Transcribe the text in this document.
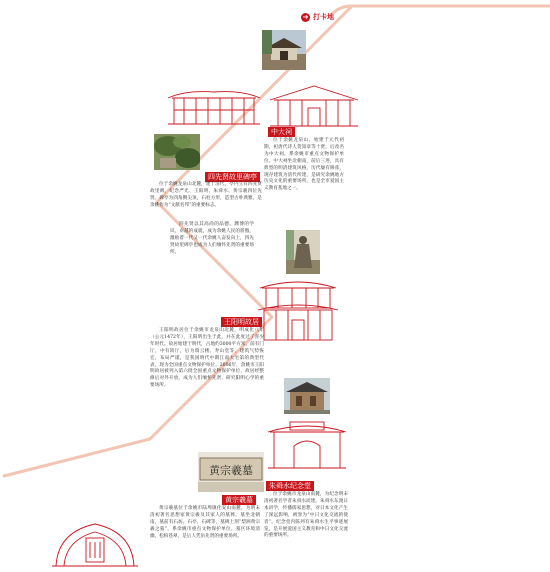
➜ 打卡地
黄宗羲墓
中大祠
位于余姚龙泉山，始建于元代初期，祀唐代诗人贺知章等十贤，后改名为中大祠，系余姚市重点文物保护单位。中大祠坐北朝南，前后三进，具有典型的明清建筑风格，历代屡有修葺，现存建筑为清代所建，是研究余姚地方历史文化的重要场所，也是全市爱国主义教育基地之一。
四先贤故里碑亭
位于余姚龙泉山北麓，建于清代，亭内立有四先贤故里碑，纪念严光、王阳明、朱舜水、黄宗羲四位先贤。碑亭为四角攒尖顶，石柱方形，造型古朴典雅，是余姚作为“文献名邦”的重要标志。
四先贤以其高尚的品德、渊博的学识、卓越的成就，成为余姚人民的骄傲，激励着一代又一代余姚人奋发向上，四先贤故里碑亭也成为人们缅怀先贤的重要场所。
王阳明故居
王阳明故居位于余姚市龙泉山北麓，明成化八年（公元1472年），王阳明出生于此，并在此度过了青少年时代。故居始建于明代，占地约3000平方米，前有门厅，中有轿厅，后为瑞云楼、寿山堂等，建筑气势恢宏，布局严谨，是我国明代中期江南大宅第的典型代表，现为全国重点文物保护单位。2006年，余姚市王阳明故居被列入第六批全国重点文物保护单位，故居经整修后对外开放，成为人们缅怀先贤、研究阳明心学的重要场所。
朱舜水纪念堂
位于余姚市龙泉山南麓，为纪念明末清初著名学者朱舜水而建。朱舜水东渡日本讲学，传播儒家思想，对日本文化产生了深远影响，被誉为“中日文化交流的使者”。纪念堂内陈列有朱舜水生平事迹展览，是开展爱国主义教育和中日文化交流的重要场所。
黄宗羲墓
黄宗羲墓位于余姚市陆埠镇化安山南麓，为明末清初著名思想家黄宗羲及其家人的墓葬。墓坐北朝南，墓前有石坊、石亭、石碑等，墓碑上刻“梨洲黄宗羲之墓”，系余姚市重点文物保护单位。墓区环境清幽，松柏苍翠，是后人凭吊先贤的重要场所。
